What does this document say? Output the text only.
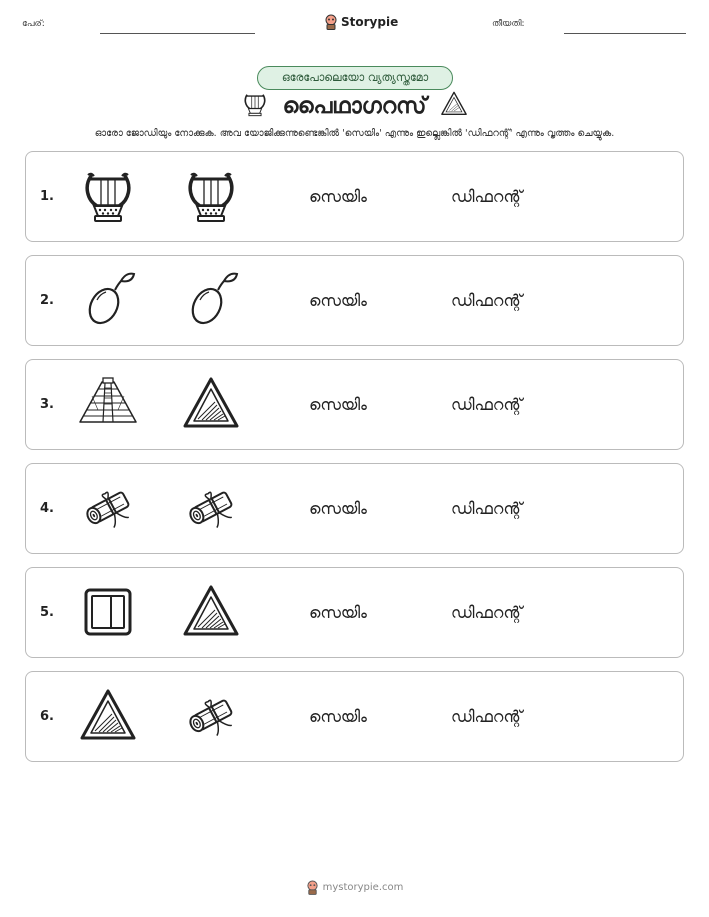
പേര്:	Storypie	തീയതി:
ഒരേപോലെയോ വ്യത്യസ്തമോ
പൈഥാഗറസ്
ഓരോ ജോഡിയും നോക്കുക. അവ യോജിക്കുന്നുണ്ടെങ്കിൽ 'സെയിം' എന്നും ഇല്ലെങ്കിൽ 'ഡിഫറന്റ്' എന്നും വൃത്തം ചെയ്യുക.
1.	സെയിം	ഡിഫറന്റ്
2.	സെയിം	ഡിഫറന്റ്
3.	സെയിം	ഡിഫറന്റ്
4.	സെയിം	ഡിഫറന്റ്
5.	സെയിം	ഡിഫറന്റ്
6.	സെയിം	ഡിഫറന്റ്
mystorypie.com
